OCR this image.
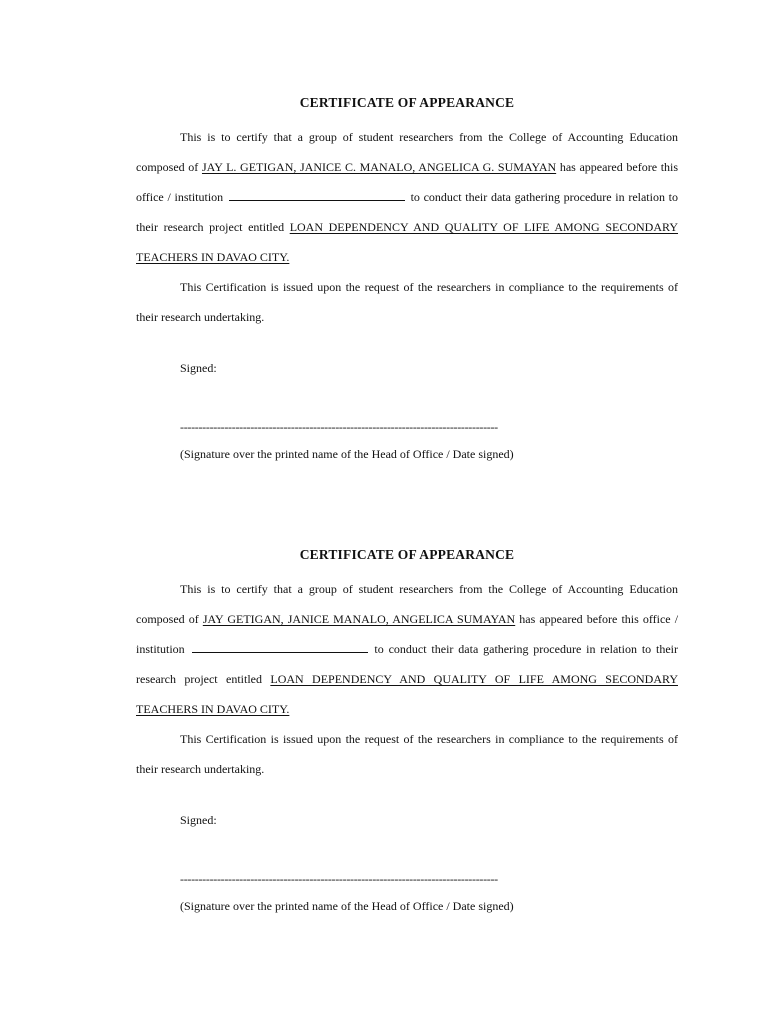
CERTIFICATE OF APPEARANCE

This is to certify that a group of student researchers from the College of Accounting Education composed of JAY L. GETIGAN, JANICE C. MANALO, ANGELICA G. SUMAYAN has appeared before this office / institution	to conduct their data gathering procedure in relation to their research project entitled LOAN DEPENDENCY AND QUALITY OF LIFE AMONG SECONDARY TEACHERS IN DAVAO CITY.

This Certification is issued upon the request of the researchers in compliance to the requirements of their research undertaking.

Signed:
--------------------------------------------------------------------------------------
(Signature over the printed name of the Head of Office / Date signed)
CERTIFICATE OF APPEARANCE

This is to certify that a group of student researchers from the College of Accounting Education composed of JAY GETIGAN, JANICE MANALO, ANGELICA SUMAYAN has appeared before this office / institution	to conduct their data gathering procedure in relation to their research project entitled LOAN DEPENDENCY AND QUALITY OF LIFE AMONG SECONDARY TEACHERS IN DAVAO CITY.

This Certification is issued upon the request of the researchers in compliance to the requirements of their research undertaking.

Signed:
--------------------------------------------------------------------------------------
(Signature over the printed name of the Head of Office / Date signed)
